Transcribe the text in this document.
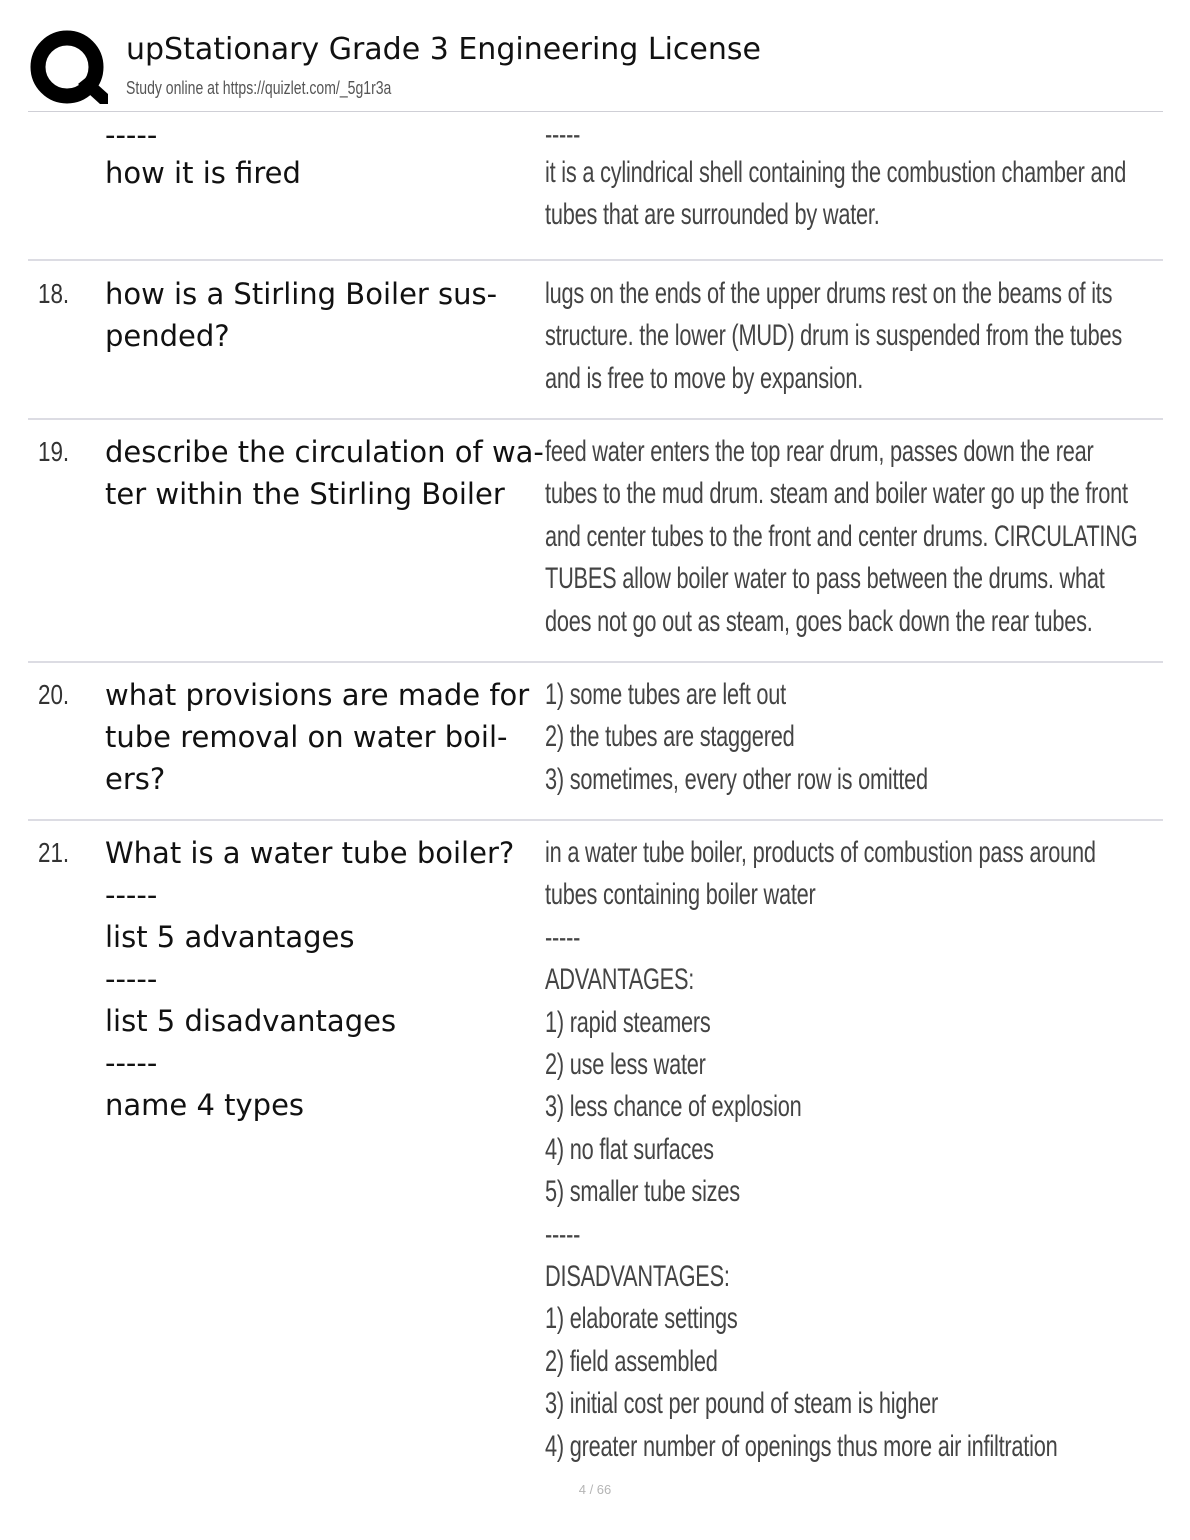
upStationary Grade 3 Engineering License
Study online at https://quizlet.com/_5g1r3a
-----
how it is fired
-----
it is a cylindrical shell containing the combustion chamber and
tubes that are surrounded by water.
18. how is a Stirling Boiler sus-
pended?
lugs on the ends of the upper drums rest on the beams of its
structure. the lower (MUD) drum is suspended from the tubes
and is free to move by expansion.
19. describe the circulation of wa-
ter within the Stirling Boiler
feed water enters the top rear drum, passes down the rear
tubes to the mud drum. steam and boiler water go up the front
and center tubes to the front and center drums. CIRCULATING
TUBES allow boiler water to pass between the drums. what
does not go out as steam, goes back down the rear tubes.
20. what provisions are made for
tube removal on water boil-
ers?
1) some tubes are left out
2) the tubes are staggered
3) sometimes, every other row is omitted
21. What is a water tube boiler?
-----
list 5 advantages
-----
list 5 disadvantages
-----
name 4 types
in a water tube boiler, products of combustion pass around
tubes containing boiler water
-----
ADVANTAGES:
1) rapid steamers
2) use less water
3) less chance of explosion
4) no flat surfaces
5) smaller tube sizes
-----
DISADVANTAGES:
1) elaborate settings
2) field assembled
3) initial cost per pound of steam is higher
4) greater number of openings thus more air infiltration
4 / 66
